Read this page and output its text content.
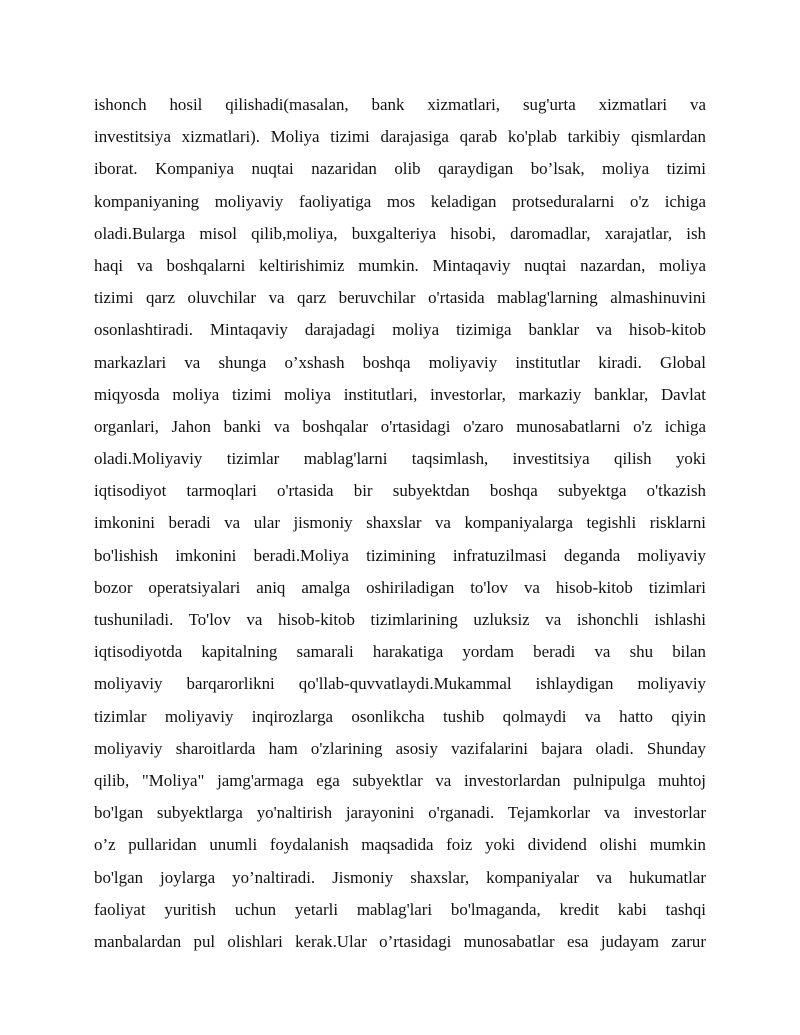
ishonch hosil qilishadi(masalan, bank xizmatlari, sug'urta xizmatlari va
investitsiya xizmatlari). Moliya tizimi darajasiga qarab ko'plab tarkibiy qismlardan
iborat. Kompaniya nuqtai nazaridan olib qaraydigan bo’lsak, moliya tizimi
kompaniyaning moliyaviy faoliyatiga mos keladigan protseduralarni o'z ichiga
oladi.Bularga misol qilib,moliya, buxgalteriya hisobi, daromadlar, xarajatlar, ish
haqi va boshqalarni keltirishimiz mumkin. Mintaqaviy nuqtai nazardan, moliya
tizimi qarz oluvchilar va qarz beruvchilar o'rtasida mablag'larning almashinuvini
osonlashtiradi. Mintaqaviy darajadagi moliya tizimiga banklar va hisob-kitob
markazlari va shunga o’xshash boshqa moliyaviy institutlar kiradi. Global
miqyosda moliya tizimi moliya institutlari, investorlar, markaziy banklar, Davlat
organlari, Jahon banki va boshqalar o'rtasidagi o'zaro munosabatlarni o'z ichiga
oladi.Moliyaviy tizimlar mablag'larni taqsimlash, investitsiya qilish yoki
iqtisodiyot tarmoqlari o'rtasida bir subyektdan boshqa subyektga o'tkazish
imkonini beradi va ular jismoniy shaxslar va kompaniyalarga tegishli risklarni
bo'lishish imkonini beradi.Moliya tizimining infratuzilmasi deganda moliyaviy
bozor operatsiyalari aniq amalga oshiriladigan to'lov va hisob-kitob tizimlari
tushuniladi. To'lov va hisob-kitob tizimlarining uzluksiz va ishonchli ishlashi
iqtisodiyotda kapitalning samarali harakatiga yordam beradi va shu bilan
moliyaviy barqarorlikni qo'llab-quvvatlaydi.Mukammal ishlaydigan moliyaviy
tizimlar moliyaviy inqirozlarga osonlikcha tushib qolmaydi va hatto qiyin
moliyaviy sharoitlarda ham o'zlarining asosiy vazifalarini bajara oladi. Shunday
qilib, "Moliya" jamg'armaga ega subyektlar va investorlardan pulnipulga muhtoj
bo'lgan subyektlarga yo'naltirish jarayonini o'rganadi. Tejamkorlar va investorlar
o’z pullaridan unumli foydalanish maqsadida foiz yoki dividend olishi mumkin
bo'lgan joylarga yo’naltiradi. Jismoniy shaxslar, kompaniyalar va hukumatlar
faoliyat yuritish uchun yetarli mablag'lari bo'lmaganda, kredit kabi tashqi
manbalardan pul olishlari kerak.Ular o’rtasidagi munosabatlar esa judayam zarur
